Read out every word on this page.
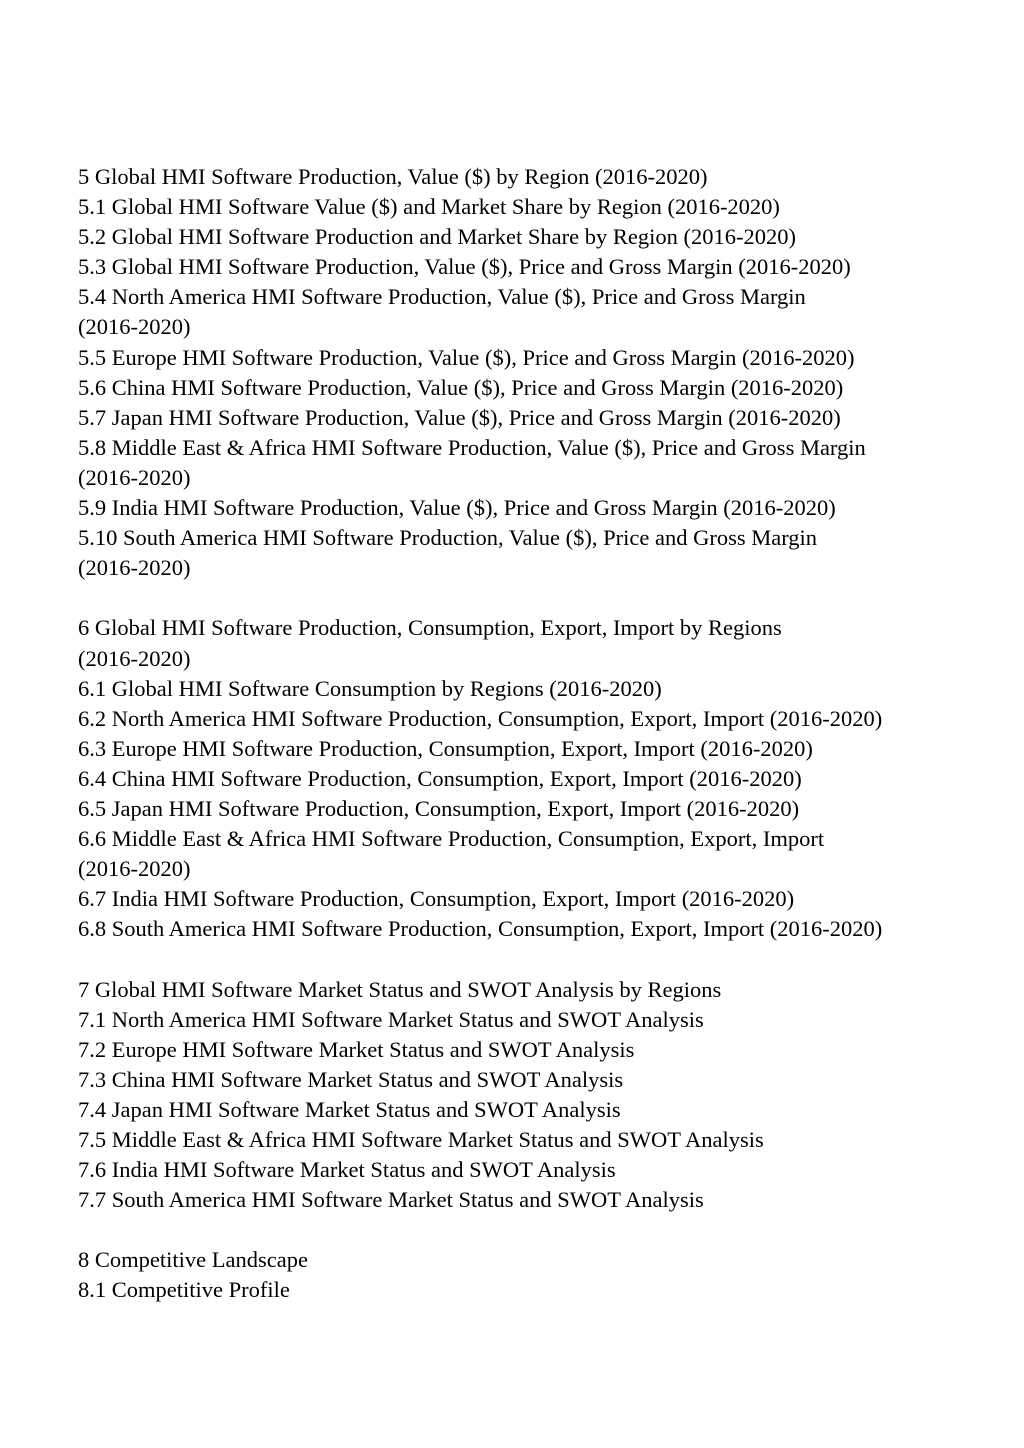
5 Global HMI Software Production, Value ($) by Region (2016-2020)
5.1 Global HMI Software Value ($) and Market Share by Region (2016-2020)
5.2 Global HMI Software Production and Market Share by Region (2016-2020)
5.3 Global HMI Software Production, Value ($), Price and Gross Margin (2016-2020)
5.4 North America HMI Software Production, Value ($), Price and Gross Margin
(2016-2020)
5.5 Europe HMI Software Production, Value ($), Price and Gross Margin (2016-2020)
5.6 China HMI Software Production, Value ($), Price and Gross Margin (2016-2020)
5.7 Japan HMI Software Production, Value ($), Price and Gross Margin (2016-2020)
5.8 Middle East & Africa HMI Software Production, Value ($), Price and Gross Margin
(2016-2020)
5.9 India HMI Software Production, Value ($), Price and Gross Margin (2016-2020)
5.10 South America HMI Software Production, Value ($), Price and Gross Margin
(2016-2020)
6 Global HMI Software Production, Consumption, Export, Import by Regions
(2016-2020)
6.1 Global HMI Software Consumption by Regions (2016-2020)
6.2 North America HMI Software Production, Consumption, Export, Import (2016-2020)
6.3 Europe HMI Software Production, Consumption, Export, Import (2016-2020)
6.4 China HMI Software Production, Consumption, Export, Import (2016-2020)
6.5 Japan HMI Software Production, Consumption, Export, Import (2016-2020)
6.6 Middle East & Africa HMI Software Production, Consumption, Export, Import
(2016-2020)
6.7 India HMI Software Production, Consumption, Export, Import (2016-2020)
6.8 South America HMI Software Production, Consumption, Export, Import (2016-2020)
7 Global HMI Software Market Status and SWOT Analysis by Regions
7.1 North America HMI Software Market Status and SWOT Analysis
7.2 Europe HMI Software Market Status and SWOT Analysis
7.3 China HMI Software Market Status and SWOT Analysis
7.4 Japan HMI Software Market Status and SWOT Analysis
7.5 Middle East & Africa HMI Software Market Status and SWOT Analysis
7.6 India HMI Software Market Status and SWOT Analysis
7.7 South America HMI Software Market Status and SWOT Analysis
8 Competitive Landscape
8.1 Competitive Profile
